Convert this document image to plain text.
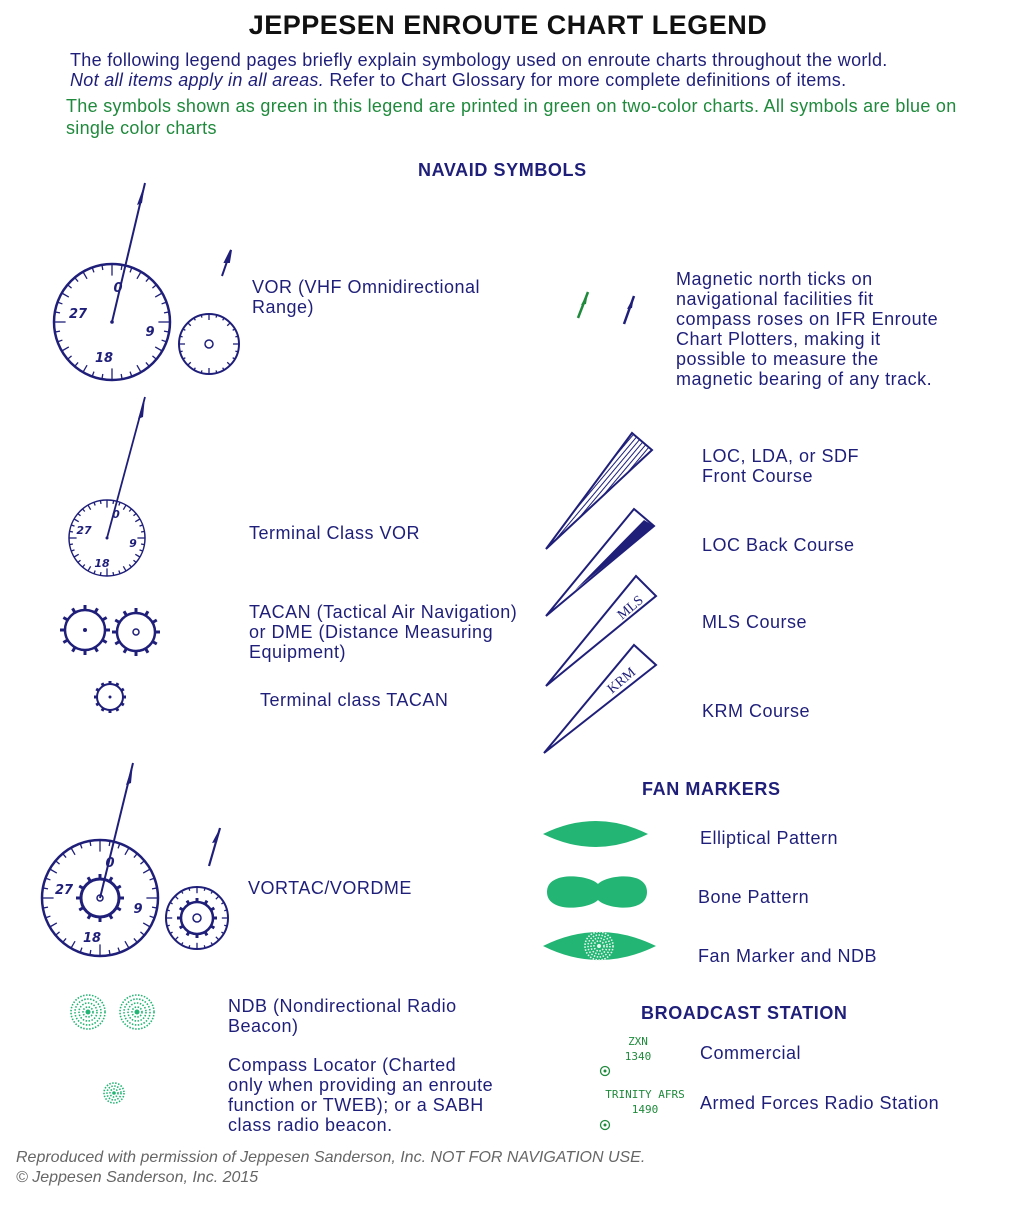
JEPPESEN ENROUTE CHART LEGEND
The following legend pages briefly explain symbology used on enroute charts throughout the world.
Not all items apply in all areas. Refer to Chart Glossary for more complete definitions of items.
The symbols shown as green in this legend are printed in green on two-color charts. All symbols are blue on single color charts
NAVAID SYMBOLS
VOR (VHF Omnidirectional Range)
Magnetic north ticks on navigational facilities fit compass roses on IFR Enroute Chart Plotters, making it possible to measure the magnetic bearing of any track.
LOC, LDA, or SDF Front Course
Terminal Class VOR
LOC Back Course
TACAN (Tactical Air Navigation) or DME (Distance Measuring Equipment)
MLS Course
Terminal class TACAN
KRM Course
FAN MARKERS
Elliptical Pattern
VORTAC/VORDME	Bone Pattern
Fan Marker and NDB
NDB (Nondirectional Radio Beacon)
BROADCAST STATION
Commercial
Compass Locator (Charted only when providing an enroute function or TWEB); or a SABH class radio beacon.
Armed Forces Radio Station
Reproduced with permission of Jeppesen Sanderson, Inc. NOT FOR NAVIGATION USE.
© Jeppesen Sanderson, Inc. 2015
0
9
18
27
0
9
18
27
MLS
KRM
0
9
18
27
ZXN
1340
TRINITY AFRS
1490
